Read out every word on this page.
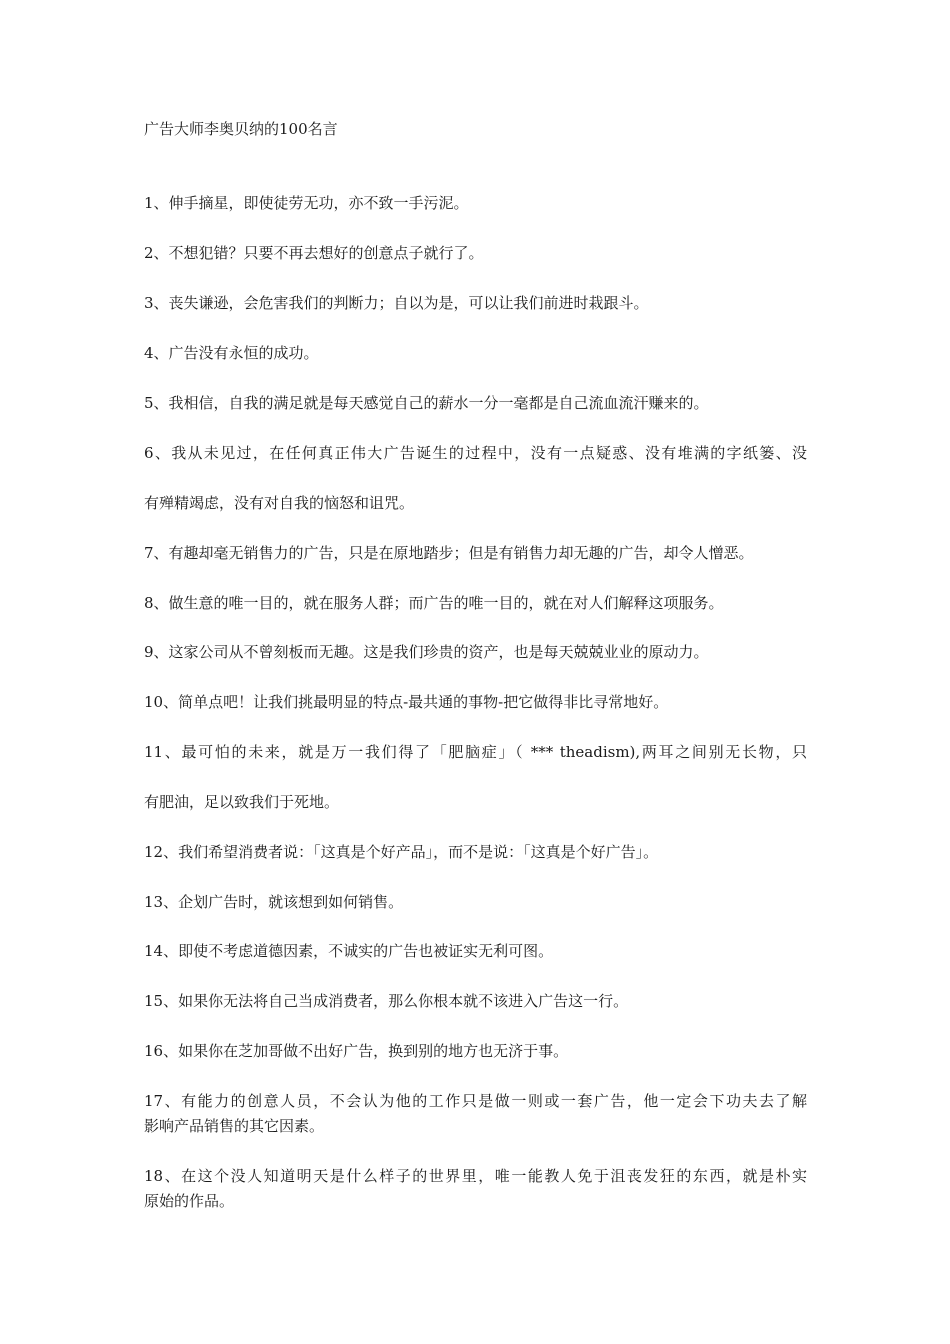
广告大师李奥贝纳的100名言
1、伸手摘星，即使徒劳无功，亦不致一手污泥。
2、不想犯错？只要不再去想好的创意点子就行了。
3、丧失谦逊，会危害我们的判断力；自以为是，可以让我们前进时栽跟斗。
4、广告没有永恒的成功。
5、我相信，自我的满足就是每天感觉自己的薪水一分一毫都是自己流血流汗赚来的。
6、我从未见过，在任何真正伟大广告诞生的过程中，没有一点疑惑、没有堆满的字纸篓、没
有殚精竭虑，没有对自我的恼怒和诅咒。
7、有趣却毫无销售力的广告，只是在原地踏步；但是有销售力却无趣的广告，却令人憎恶。
8、做生意的唯一目的，就在服务人群；而广告的唯一目的，就在对人们解释这项服务。
9、这家公司从不曾刻板而无趣。这是我们珍贵的资产，也是每天兢兢业业的原动力。
10、简单点吧！让我们挑最明显的特点-最共通的事物-把它做得非比寻常地好。
11、最可怕的未来，就是万一我们得了「肥脑症」（ *** theadism),两耳之间别无长物，只
有肥油，足以致我们于死地。
12、我们希望消费者说：「这真是个好产品」，而不是说：「这真是个好广告」。
13、企划广告时，就该想到如何销售。
14、即使不考虑道德因素，不诚实的广告也被证实无利可图。
15、如果你无法将自己当成消费者，那么你根本就不该进入广告这一行。
16、如果你在芝加哥做不出好广告，换到别的地方也无济于事。
17、有能力的创意人员，不会认为他的工作只是做一则或一套广告，他一定会下功夫去了解
影响产品销售的其它因素。
18、在这个没人知道明天是什么样子的世界里，唯一能教人免于沮丧发狂的东西，就是朴实
原始的作品。
